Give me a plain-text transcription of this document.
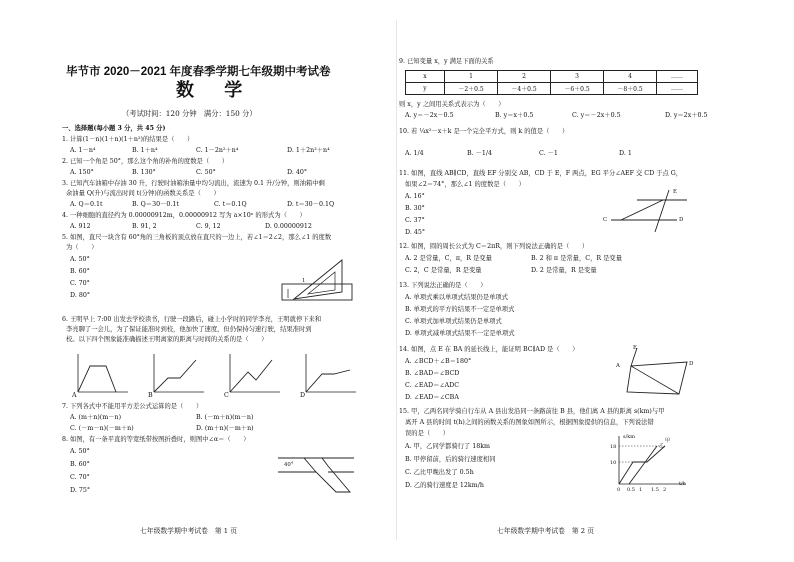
毕节市 2020－2021 年度春季学期七年级期中考试卷
数 学
（考试时间：120 分钟　满分：150 分）
一、选择题(每小题 3 分，共 45 分)
1. 计算(1－n)(1＋n)(1＋n²)的结果是（　　）
A. 1－n⁴	B. 1＋n⁴	C. 1－2n²＋n⁴	D. 1＋2n²＋n⁴
2. 已知一个角是 50°，那么这个角的补角的度数是（　　）
A. 150°	B. 130°	C. 50°	D. 40°
3. 已知汽车油箱中存油 30 升，行驶时油箱油量中均匀流出，流速为 0.1 升/分钟，则油箱中剩
余油量 Q(升)与流出时间 t(分钟)的函数关系是（　　）
A. Q＝0.1t	B. Q＝30－0.1t	C. t＝0.1Q	D. t＝30－0.1Q
4. 一种细胞的直径约为 0.00000912m，0.00000912 写为 a×10ⁿ 的形式为（　　）
A. 912	B. 91, 2	C. 9, 12	D. 0.00000912
5. 如图，直尺一块含有 60°角的三角板的顶点放在直尺的一边上，若∠1＝2∠2，那么∠1 的度数
为（　　）
A. 50°
B. 60°
C. 70°
D. 80°
1
6. 王明早上 7:00 出发去学校读书，行驶一段路后，碰上小学时的同学李亮，王明就停下来和
李亮聊了一会儿，为了保证能准时到校，他加快了速度，但仍保持匀速行驶，结果准时到
校。以下四个图象能准确描述王明离家的距离与时间的关系的是（　　）
A	B	C	D
7. 下列各式中不能用平方差公式运算的是（　　）
A. (m＋n)(m－n)	B. (－m＋n)(m－n)
C. (－m－n)(－m＋n)	D. (m＋n)(－m＋n)
8. 如图，有一条平直的等宽纸带按图折叠时，则图中∠α＝（　　）
A. 50°
B. 60°
C. 70°
D. 75°
40°
七年级数学期中考试卷　第 1 页
9. 已知变量 x，y 满足下面的关系
x	1	2	3	4	……
y	－2＋0.5	－4＋0.5	－6＋0.5	－8＋0.5	……
则 x，y 之间用关系式表示为（　　）
A. y＝－2x－0.5	B. y＝x＋0.5	C. y＝－2x＋0.5	D. y＝2x＋0.5
10. 若 ¼x²－x＋k 是一个完全平方式，则 k 的值是（　　）
A. 1/4	B. －1/4	C. －1	D. 1
11. 如图，直线 AB∥CD，直线 EF 分别交 AB，CD 于 E，F 两点，EG 平分∠AEF 交 CD 于点 G，
如果∠2＝74°，那么∠1 的度数是（　　）
A. 16°
B. 30°
C. 37°
D. 45°
C	D
E
12. 如图，圆的周长公式为 C＝2πR，则下列说法正确的是（　　）
A. 2 是常量，C，π，R 是变量	B. 2 和 π 是常量，C，R 是变量
C. 2，C 是常量，R 是变量	D. 2 是常量，R 是变量
13. 下列说法正确的是（　　）
A. 单项式乘以单项式结果仍是单项式
B. 单项式的平方的结果不一定是单项式
C. 单项式加单项式结果仍是单项式
D. 单项式减单项式结果不一定是单项式
14. 如图，点 E 在 BA 的延长线上，能证明 BC∥AD 是（　　）
A. ∠BCD＋∠B＝180°
B. ∠BAD＝∠BCD
C. ∠EAD＝∠ADC
D. ∠EAD＝∠CBA
A
E
D
15. 甲，乙两名同学骑自行车从 A 县出发沿同一条路前往 B 县，他们离 A 县的距离 s(km)与甲
离开 A 县的时间 t(h)之间的函数关系的图象如图所示，根据图象提供的信息，下列说法错
误的是（　　）
A. 甲，乙同学都骑行了 18km
B. 甲停留前，后的骑行速度相同
C. 乙比甲晚出发了 0.5h
D. 乙的骑行速度是 12km/h
s/km
t/h
18
10
0 0.5 1 1.5 2
甲
乙
七年级数学期中考试卷　第 2 页
